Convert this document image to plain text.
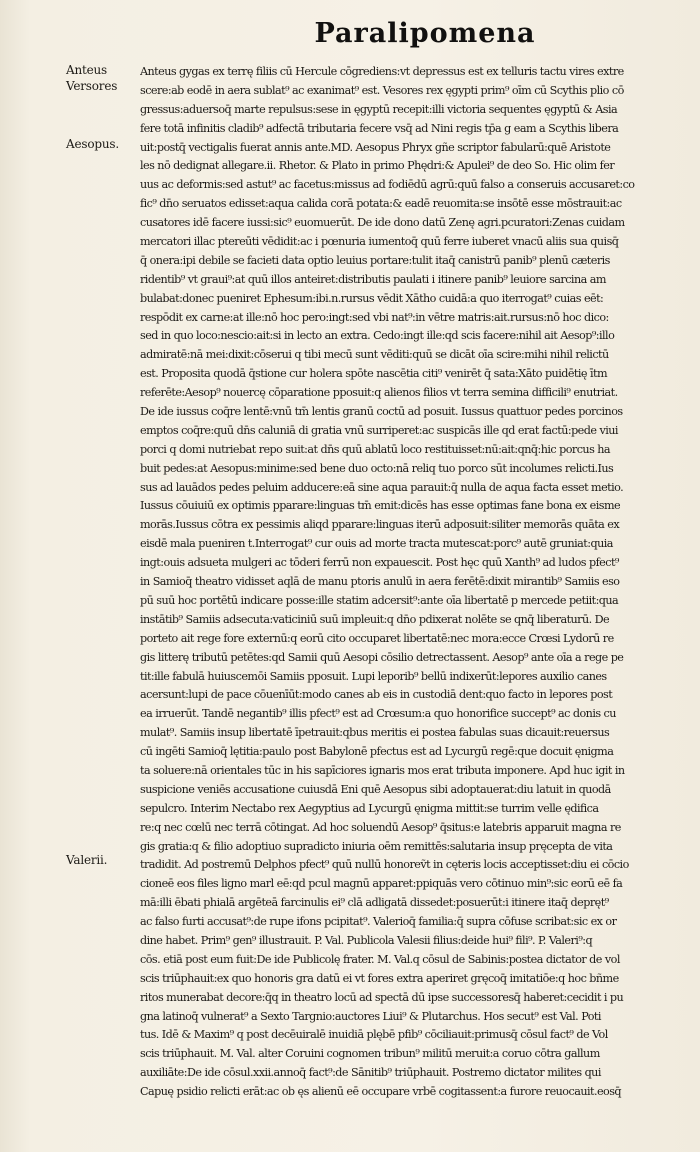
Paralipomena
Anteus
Versores
Aesopus.
Valerii.
Anteus gygas ex terrę filiis cū Hercule cōgrediens:vt depressus est ex telluris tactu vires extre
scere:ab eodē in aera sublat⁹ ac exanimat⁹ est. Vesores rex ęgypti prim⁹ oīm cū Scythis plio cō
gressus:aduersoq̄ marte repulsus:sese in ęgyptū recepit:illi victoria sequentes ęgyptū & Asia
fere totā infinitis cladib⁹ adfectā tributaria fecere vsq̄ ad Nini regis tp̄a g eam a Scythis libera
uit:postq̄ vectigalis fuerat annis ante.MD. Aesopus Phryx gñe scriptor fabularū:quē Aristote
les nō dedignat allegare.ii. Rhetor. & Plato in primo Phędri:& Apulei⁹ de deo So. Hic olim fer
uus ac deformis:sed astut⁹ ac facetus:missus ad fodiēdū agrū:quū falso a conseruis accusaret:co
fic⁹ dn̄o seruatos edisset:aqua calida corā potata:& eadē reuomita:se insōtē esse mōstrauit:ac
cusatores idē facere iussi:sic⁹ euomuerūt. De ide dono datū Zenę agri.pcuratori:Zenas cuidam
mercatori illac ptereūti vēdidit:ac i pœnuria iumentoq̄ quū ferre iuberet vnacū aliis sua quisq̄
q̄ onera:ipi debile se facieti data optio leuius portare:tulit itaq̄ canistrū panib⁹ plenū cæteris
ridentib⁹ vt graui⁹:at quū illos anteiret:distributis paulati i itinere panib⁹ leuiore sarcina am
bulabat:donec pueniret Ephesum:ibi.n.rursus vēdit Xātho cuidā:a quo iterrogat⁹ cuias eēt:
respōdit ex carne:at ille:nō hoc pero:ingt:sed vbi nat⁹:in vētre matris:ait.rursus:nō hoc dico:
sed in quo loco:nescio:ait:si in lecto an extra. Cedo:ingt ille:qd scis facere:nihil ait Aesop⁹:illo
admiratē:nā mei:dixit:cōserui q tibi mecū sunt vēditi:quū se dicāt oīa scire:mihi nihil relictū
est. Proposita quodā q̄stione cur holera spōte nascētia citi⁹ venirēt q̄ sata:Xāto puidētię ītm
referēte:Aesop⁹ nouercę cōparatione pposuit:q alienos filios vt terra semina difficili⁹ enutriat.
De ide iussus coq̄re lentē:vnū tm̄ lentis granū coctū ad posuit. Iussus quattuor pedes porcinos
emptos coq̄re:quū dn̄s caluniā di gratia vnū surriperet:ac suspicās ille qd erat factū:pede viui
porci q domi nutriebat repo suit:at dn̄s quū ablatū loco restituisset:nū:ait:qnq̄:hic porcus ha
buit pedes:at Aesopus:minime:sed bene duo octo:nā reliq tuo porco sūt incolumes relicti.Ius
sus ad lauādos pedes peluim adducere:eā sine aqua parauit:q̄ nulla de aqua facta esset metio.
Iussus cōuiuiū ex optimis pparare:linguas tm̄ emit:dicēs has esse optimas fane bona ex eisme
morās.Iussus cōtra ex pessimis aliqd pparare:linguas iterū adposuit:siliter memorās quāta ex
eisdē mala pueniren t.Interrogat⁹ cur ouis ad morte tracta mutescat:porc⁹ autē gruniat:quia
ingt:ouis adsueta mulgeri ac tōderi ferrū non expauescit. Post hęc quū Xanth⁹ ad ludos pfect⁹
in Samioq̄ theatro vidisset aqlā de manu ptoris anulū in aera ferētē:dixit mirantib⁹ Samiis eso
pū suū hoc portētū indicare posse:ille statim adcersit⁹:ante oīa libertatē p mercede petiit:qua
instātib⁹ Samiis adsecuta:vaticiniū suū impleuit:q dn̄o pdixerat nolēte se qnq̄ liberaturū. De
porteto ait rege fore externū:q eorū cito occuparet libertatē:nec mora:ecce Crœsi Lydorū re
gis litterę tributū petētes:qd Samii quū Aesopi cōsilio detrectassent. Aesop⁹ ante oīa a rege pe
tit:ille fabulā huiuscemōi Samiis pposuit. Lupi leporib⁹ bellū indixerūt:lepores auxilio canes
acersunt:lupi de pace cōuenīūt:modo canes ab eis in custodiā dent:quo facto in lepores post
ea irruerūt. Tandē negantib⁹ illis pfect⁹ est ad Crœsum:a quo honorifice succept⁹ ac donis cu
mulat⁹. Samiis insup libertatē īpetrauit:qbus meritis ei postea fabulas suas dicauit:reuersus
cū ingēti Samioq̄ lętitia:paulo post Babylonē pfectus est ad Lycurgū regē:que docuit ęnigma
ta soluere:nā orientales tūc in his sapīciores ignaris mos erat tributa imponere. Apd huc igit in
suspicione veniēs accusatione cuiusdā Eni quē Aesopus sibi adoptauerat:diu latuit in quodā
sepulcro. Interim Nectabo rex Aegyptius ad Lycurgū ęnigma mittit:se turrim velle ędifica
re:q nec cœlū nec terrā cōtingat. Ad hoc soluendū Aesop⁹ q̄situs:e latebris apparuit magna re
gis gratia:q & filio adoptiuo supradicto iniuria oēm remittēs:salutaria insup pręcepta de vita
tradidit. Ad postremū Delphos pfect⁹ quū nullū honoreṽt in cęteris locis acceptisset:diu ei cōcio
cioneē eos files ligno marl eē:qd pcul magnū apparet:ppiquās vero cōtinuo min⁹:sic eorū eē fa
mā:illi ēbati phialā argēteā farcinulis ei⁹ clā adligatā dissedet:posuerūt:i itinere itaq̄ depręt⁹
ac falso furti accusat⁹:de rupe ifons pcipitat⁹. Valerioq̄ familia:q̄ supra cōfuse scribat:sic ex or
dine habet. Prim⁹ gen⁹ illustrauit. P. Val. Publicola Valesii filius:deide hui⁹ fili⁹. P. Valeri⁹:q
cōs. etiā post eum fuit:De ide Publicolę frater. M. Val.q cōsul de Sabinis:postea dictator de vol
scis triūphauit:ex quo honoris gra datū ei vt fores extra aperiret gręcoq̄ imitatiōe:q hoc bñme
ritos munerabat decore:q̄q in theatro locū ad spectā dū ipse successoresq̄ haberet:cecidit i pu
gna latinoq̄ vulnerat⁹ a Sexto Targnio:auctores Liui⁹ & Plutarchus. Hos secut⁹ est Val. Poti
tus. Idē & Maxim⁹ q post decēuiralē inuidiā plębē pfib⁹ cōciliauit:primusq̄ cōsul fact⁹ de Vol
scis triūphauit. M. Val. alter Coruini cognomen tribun⁹ militū meruit:a coruo cōtra gallum
auxiliāte:De ide cōsul.xxii.annoq̄ fact⁹:de Sānitib⁹ triūphauit. Postremo dictator milites qui
Capuę psidio relicti erāt:ac ob ęs alienū eē occupare vrbē cogitassent:a furore reuocauit.eosq̄
